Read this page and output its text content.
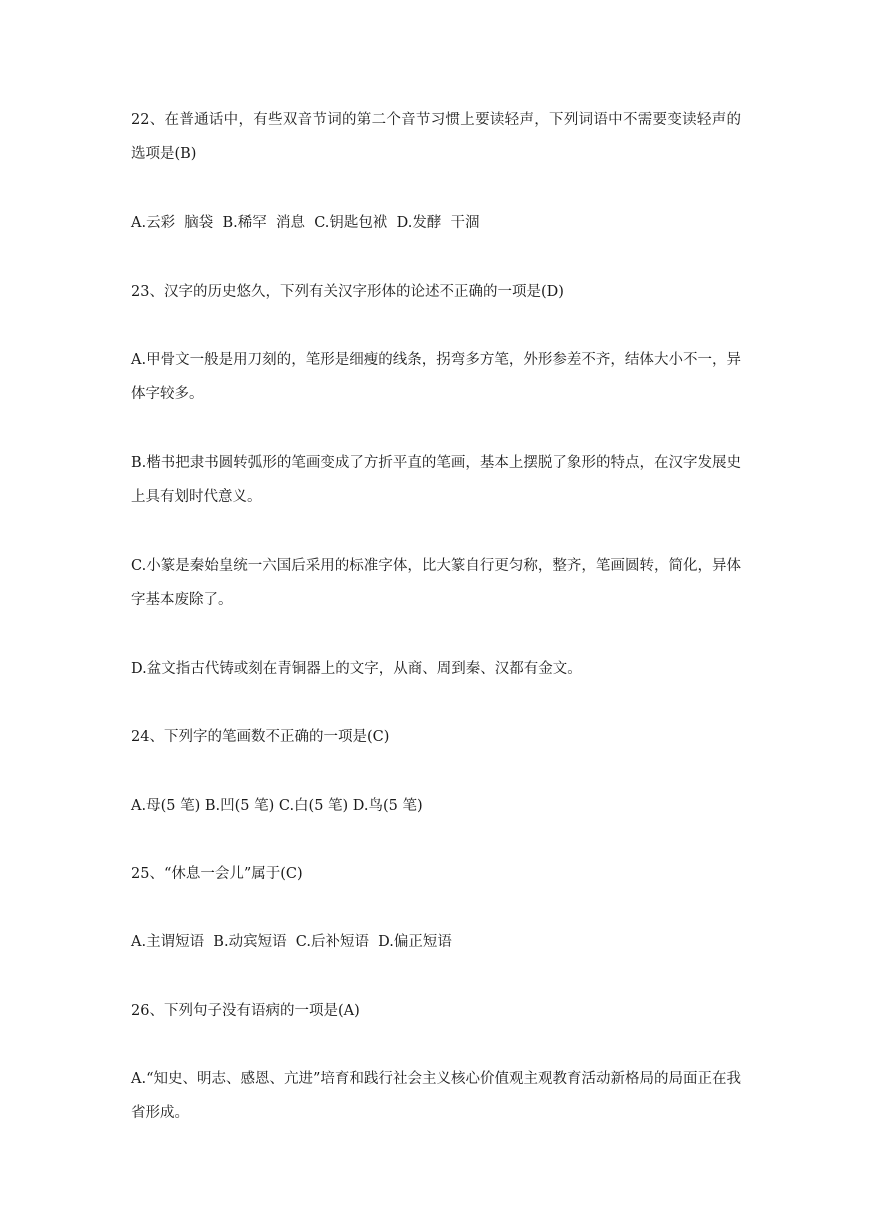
22、在普通话中，有些双音节词的第二个音节习惯上要读轻声，下列词语中不需要变读轻声的选项是(B)

A.云彩  脑袋  B.稀罕  消息  C.钥匙包袱  D.发酵  干涸

23、汉字的历史悠久，下列有关汉字形体的论述不正确的一项是(D)

A.甲骨文一般是用刀刻的，笔形是细瘦的线条，拐弯多方笔，外形参差不齐，结体大小不一，异体字较多。

B.楷书把隶书圆转弧形的笔画变成了方折平直的笔画，基本上摆脱了象形的特点，在汉字发展史上具有划时代意义。

C.小篆是秦始皇统一六国后采用的标准字体，比大篆自行更匀称，整齐，笔画圆转，简化，异体字基本废除了。

D.盆文指古代铸或刻在青铜器上的文字，从商、周到秦、汉都有金文。

24、下列字的笔画数不正确的一项是(C)

A.母(5 笔) B.凹(5 笔) C.白(5 笔) D.鸟(5 笔)

25、“休息一会儿”属于(C)

A.主谓短语  B.动宾短语  C.后补短语  D.偏正短语

26、下列句子没有语病的一项是(A)

A.“知史、明志、感恩、亢进”培育和践行社会主义核心价值观主观教育活动新格局的局面正在我省形成。
